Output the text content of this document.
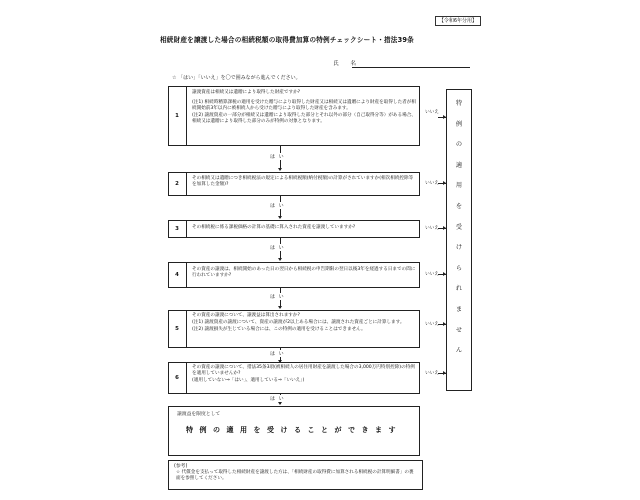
【令和6年分用】
相続財産を譲渡した場合の相続税額の取得費加算の特例チェックシート・措法39条
氏 名
☆ 「はい」「いいえ」を〇で囲みながら進んでください。
1
譲渡資産は相続又は遺贈により取得した財産ですか?
(注1) 相続時精算課税の適用を受けた贈与により取得した財産又は相続又は遺贈により財産を取得した者が相続開始前3年以内に被相続人から受けた贈与により取得した財産を含みます。
(注2) 譲渡資産の一部分が相続又は遺贈により取得した部分とそれ以外の部分（自己取得分等）がある場合、相続又は遺贈により取得した部分のみが特例の対象となります。
いいえ
は い
2
その相続又は遺贈につき相続税法の規定による相続税額(納付税額)の計算がされていますか(相次相続控除等を加算した金額)?	いいえ
は い
3	その相続税に係る課税価格の計算の基礎に算入された資産を譲渡していますか?	いいえ
は い
4
その資産の譲渡は、相続開始のあった日の翌日から相続税の申告期限の翌日以後3年を経過する日までの間に行われていますか?	いいえ
は い
5
その資産の譲渡について、譲渡益は算出されますか?
(注1) 譲渡資産の譲渡について、資産の譲渡が2以上ある場合には、譲渡された資産ごとに計算します。
(注2) 譲渡損失が生じている場合には、この特例の適用を受けることはできません。
いいえ
は い
6
その資産の譲渡について、措法35条3項(被相続人の居住用財産を譲渡した場合の3,000万円特別控除)の特例を適用していませんか?
(適用していない⇒「はい」、適用している⇒「いいえ」)
いいえ
は い
特
例
の
適
用
を
受
け
ら
れ
ま
せ
ん
譲渡益を限度として
特例の適用を受けることができます
(参考)
☆ 代償金を支払って取得した相続財産を譲渡した方は、「相続財産の取得費に加算される相続税の計算明細書」の裏面を参照してください。
